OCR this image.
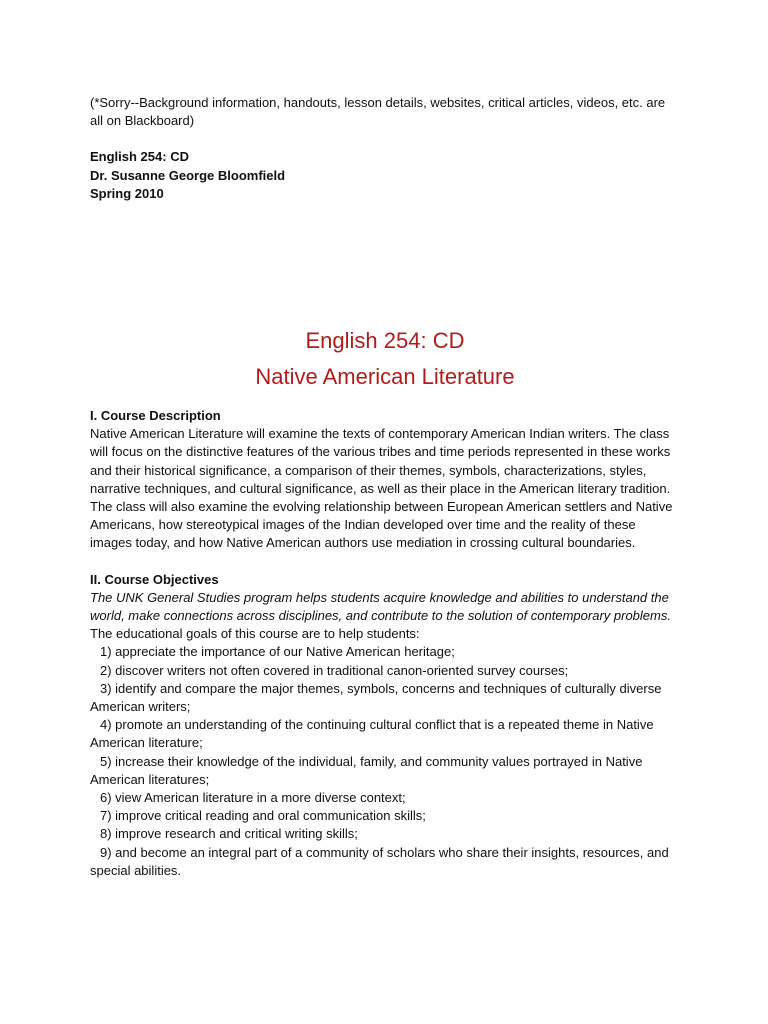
(*Sorry--Background information, handouts, lesson details, websites, critical articles, videos, etc. are all on Blackboard)

English 254: CD
Dr. Susanne George Bloomfield
Spring 2010
English 254: CD
Native American Literature
I. Course Description

Native American Literature will examine the texts of contemporary American Indian writers. The class will focus on the distinctive features of the various tribes and time periods represented in these works and their historical significance, a comparison of their themes, symbols, characterizations, styles, narrative techniques, and cultural significance, as well as their place in the American literary tradition. The class will also examine the evolving relationship between European American settlers and Native Americans, how stereotypical images of the Indian developed over time and the reality of these images today, and how Native American authors use mediation in crossing cultural boundaries.

II. Course Objectives

The UNK General Studies program helps students acquire knowledge and abilities to understand the world, make connections across disciplines, and contribute to the solution of contemporary problems.

The educational goals of this course are to help students:

1) appreciate the importance of our Native American heritage;
2) discover writers not often covered in traditional canon-oriented survey courses;
3) identify and compare the major themes, symbols, concerns and techniques of culturally diverse American writers;
4) promote an understanding of the continuing cultural conflict that is a repeated theme in Native American literature;
5) increase their knowledge of the individual, family, and community values portrayed in Native American literatures;
6) view American literature in a more diverse context;
7) improve critical reading and oral communication skills;
8) improve research and critical writing skills;
9) and become an integral part of a community of scholars who share their insights, resources, and special abilities.
